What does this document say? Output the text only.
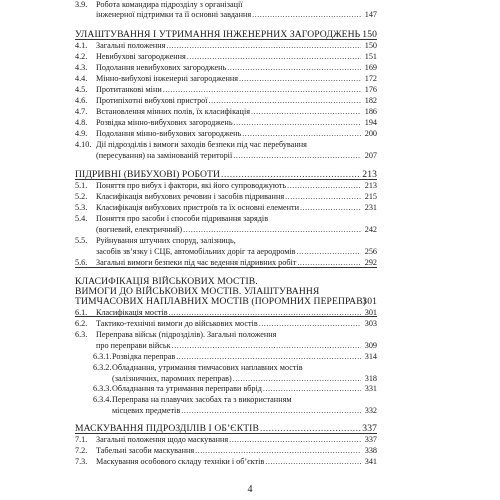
3.9. Робота командира підрозділу з організації
інженерної підтримки та її основні завдання	147
.....
УЛАШТУВАННЯ І УТРИМАННЯ ІНЖЕНЕРНИХ ЗАГОРОДЖЕНЬ 150
4.1. Загальні положення	150
.....
4.2. Невибухові загородження	151
.....
4.3. Подолання невибухових загороджень	169
.....
4.4. Мінно-вибухові інженерні загородження	172
.....
4.5. Протитанкові міни	176
.....
4.6. Протипіхотні вибухові пристрої	182
.....
4.7. Встановлення мінних полів, їх класифікація	186
.....
4.8. Розвідка мінно-вибухових загороджень	194
.....
4.9. Подолання мінно-вибухових загороджень	200
.....
4.10. Дії підрозділів і вимоги заходів безпеки під час перебування
(пересування) на замінованій території	207
.....
ПІДРИВНІ (ВИБУХОВІ) РОБОТИ	213
.....
5.1. Поняття про вибух і фактори, які його супроводжують	213
.....
5.2. Класифікація вибухових речовин і засобів підривання	215
.....
5.3. Класифікація вибухових пристроїв та їх основні елементи	231
.....
5.4. Поняття про засоби і способи підривання зарядів
(вогневий, електричний)	242
.....
5.5. Руйнування штучних споруд, залізниць,
засобів зв’язку і СЦБ, автомобільних доріг та аеродромів	256
.....
5.6. Загальні вимоги безпеки під час ведення підривних робіт	292
.....
КЛАСИФІКАЦІЯ ВІЙСЬКОВИХ МОСТІВ.
ВИМОГИ ДО ВІЙСЬКОВИХ МОСТІВ. УЛАШТУВАННЯ
ТИМЧАСОВИХ НАПЛАВНИХ МОСТІВ (ПОРОМНИХ ПЕРЕПРАВ)
301
6.1. Класифікація мостів	301
.....
6.2. Тактико-технічні вимоги до військових мостів	303
.....
6.3. Переправа військ (підрозділів). Загальні положення
про переправи військ	309
.....
6.3.1. Розвідка переправ	314
.....
6.3.2. Обладнання, утримання тимчасових наплавних мостів
(залізничних, паромних переправ)	318
.....
6.3.3. Обладнання та утримання переправи вбрід	331
.....
6.3.4. Переправа на плавучих засобах та з використанням
місцевих предметів	332
.....
МАСКУВАННЯ ПІДРОЗДІЛІВ І ОБ’ЄКТІВ	337
.....
7.1. Загальні положення щодо маскування	337
.....
7.2. Табельні засоби маскування	338
.....
7.3. Маскування особового складу техніки і об’єктів	341
.....
4
